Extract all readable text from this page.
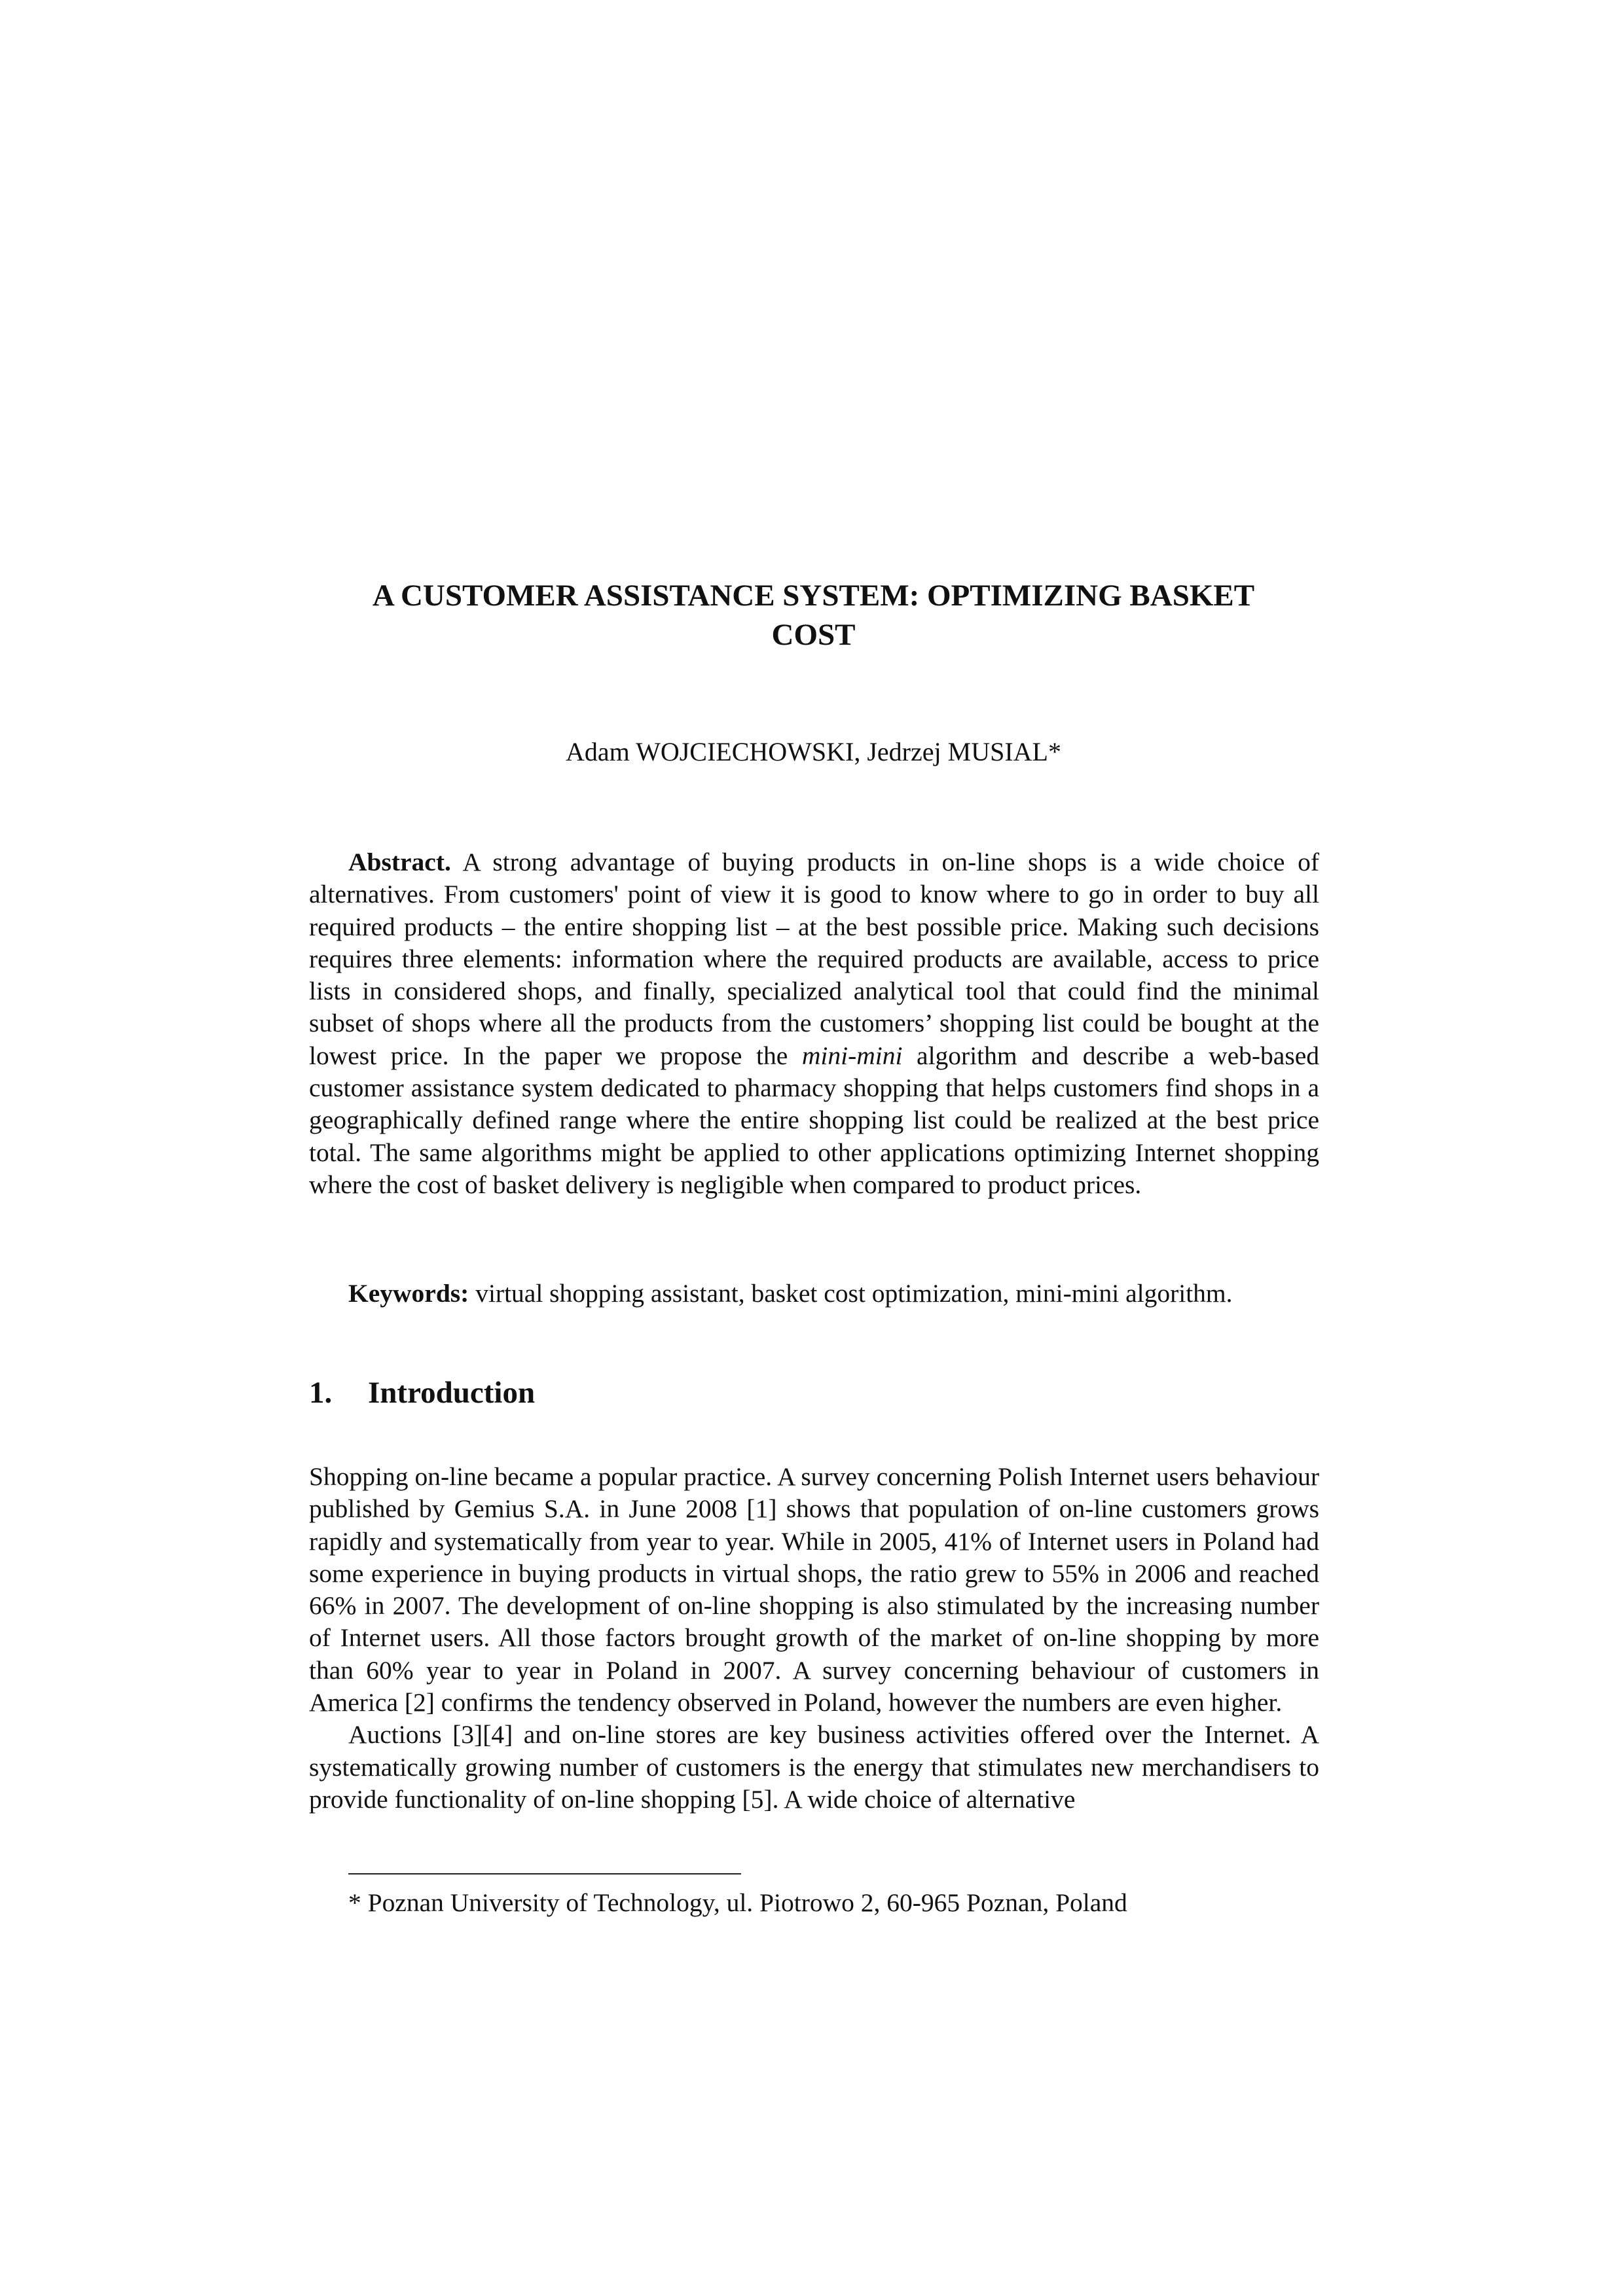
A CUSTOMER ASSISTANCE SYSTEM: OPTIMIZING BASKET
COST

Adam WOJCIECHOWSKI, Jedrzej MUSIAL*

Abstract. A strong advantage of buying products in on-line shops is a wide choice of alternatives. From customers' point of view it is good to know where to go in order to buy all required products – the entire shopping list – at the best possible price. Making such decisions requires three elements: information where the required products are available, access to price lists in considered shops, and finally, specialized analytical tool that could find the minimal subset of shops where all the products from the customers’ shopping list could be bought at the lowest price. In the paper we propose the mini-mini algorithm and describe a web-based customer assistance system dedicated to pharmacy shopping that helps customers find shops in a geographically defined range where the entire shopping list could be realized at the best price total. The same algorithms might be applied to other applications optimizing Internet shopping where the cost of basket delivery is negligible when compared to product prices.

Keywords: virtual shopping assistant, basket cost optimization, mini-mini algorithm.

1. Introduction

Shopping on-line became a popular practice. A survey concerning Polish Internet users behaviour published by Gemius S.A. in June 2008 [1] shows that population of on-line customers grows rapidly and systematically from year to year. While in 2005, 41% of Internet users in Poland had some experience in buying products in virtual shops, the ratio grew to 55% in 2006 and reached 66% in 2007. The development of on-line shopping is also stimulated by the increasing number of Internet users. All those factors brought growth of the market of on-line shopping by more than 60% year to year in Poland in 2007. A survey concerning behaviour of customers in America [2] confirms the tendency observed in Poland, however the numbers are even higher.

Auctions [3][4] and on-line stores are key business activities offered over the Internet. A systematically growing number of customers is the energy that stimulates new merchandisers to provide functionality of on-line shopping [5]. A wide choice of alternative

* Poznan University of Technology, ul. Piotrowo 2, 60-965 Poznan, Poland
